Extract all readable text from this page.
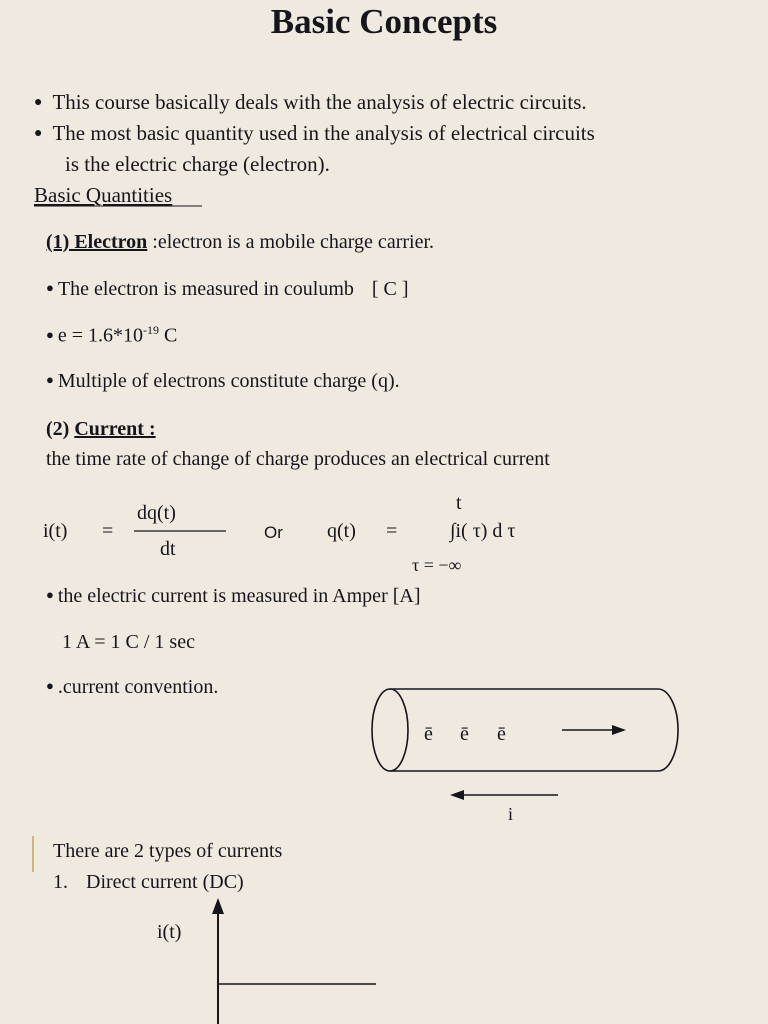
Basic Concepts
● This course basically deals with the analysis of electric circuits.
● The most basic quantity used in the analysis of electrical circuits
is the electric charge (electron).
Basic Quantities
(1) Electron :electron is a mobile charge carrier.
● The electron is measured in coulumb [ C ]
● $e = 1.6*10^{-19}$ C
● Multiple of electrons constitute charge (q).
(2) Current :
the time rate of change of charge produces an electrical current
i(t) =
dq(t)
dt
Or q(t) =
t
∫i( τ) d τ
τ = −∞
● the electric current is measured in Amper [A]
1 A = 1 C / 1 sec
● .current convention.
ē ē ē
i
There are 2 types of currents
1. Direct current (DC)
i(t)
